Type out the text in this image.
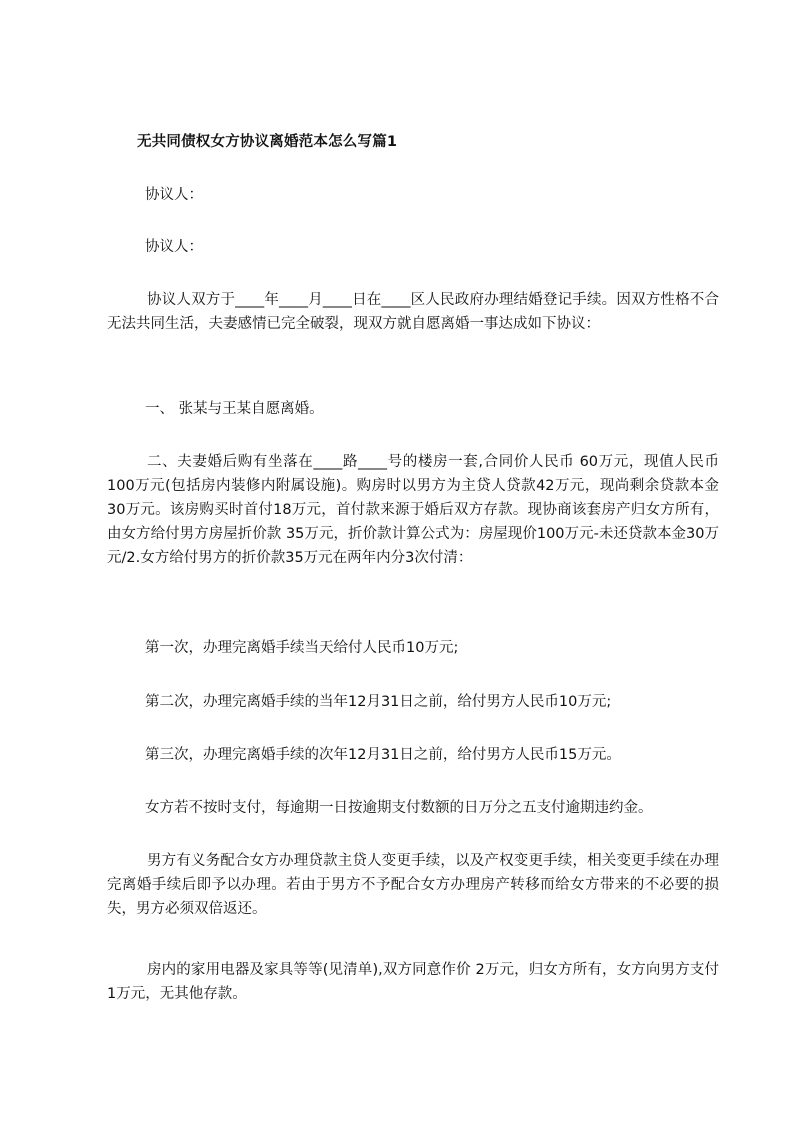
无共同债权女方协议离婚范本怎么写篇1
协议人：
协议人：
协议人双方于____年____月____日在____区人民政府办理结婚登记手续。因双方性格不合无法共同生活，夫妻感情已完全破裂，现双方就自愿离婚一事达成如下协议：
一、 张某与王某自愿离婚。
二、夫妻婚后购有坐落在____路____号的楼房一套,合同价人民币 60万元，现值人民币100万元(包括房内装修内附属设施)。购房时以男方为主贷人贷款42万元，现尚剩余贷款本金30万元。该房购买时首付18万元，首付款来源于婚后双方存款。现协商该套房产归女方所有，由女方给付男方房屋折价款 35万元，折价款计算公式为：房屋现价100万元-未还贷款本金30万元/2.女方给付男方的折价款35万元在两年内分3次付清：
第一次，办理完离婚手续当天给付人民币10万元;
第二次，办理完离婚手续的当年12月31日之前，给付男方人民币10万元;
第三次，办理完离婚手续的次年12月31日之前，给付男方人民币15万元。
女方若不按时支付，每逾期一日按逾期支付数额的日万分之五支付逾期违约金。
男方有义务配合女方办理贷款主贷人变更手续，以及产权变更手续，相关变更手续在办理完离婚手续后即予以办理。若由于男方不予配合女方办理房产转移而给女方带来的不必要的损失，男方必须双倍返还。
房内的家用电器及家具等等(见清单),双方同意作价 2万元，归女方所有，女方向男方支付1万元，无其他存款。
